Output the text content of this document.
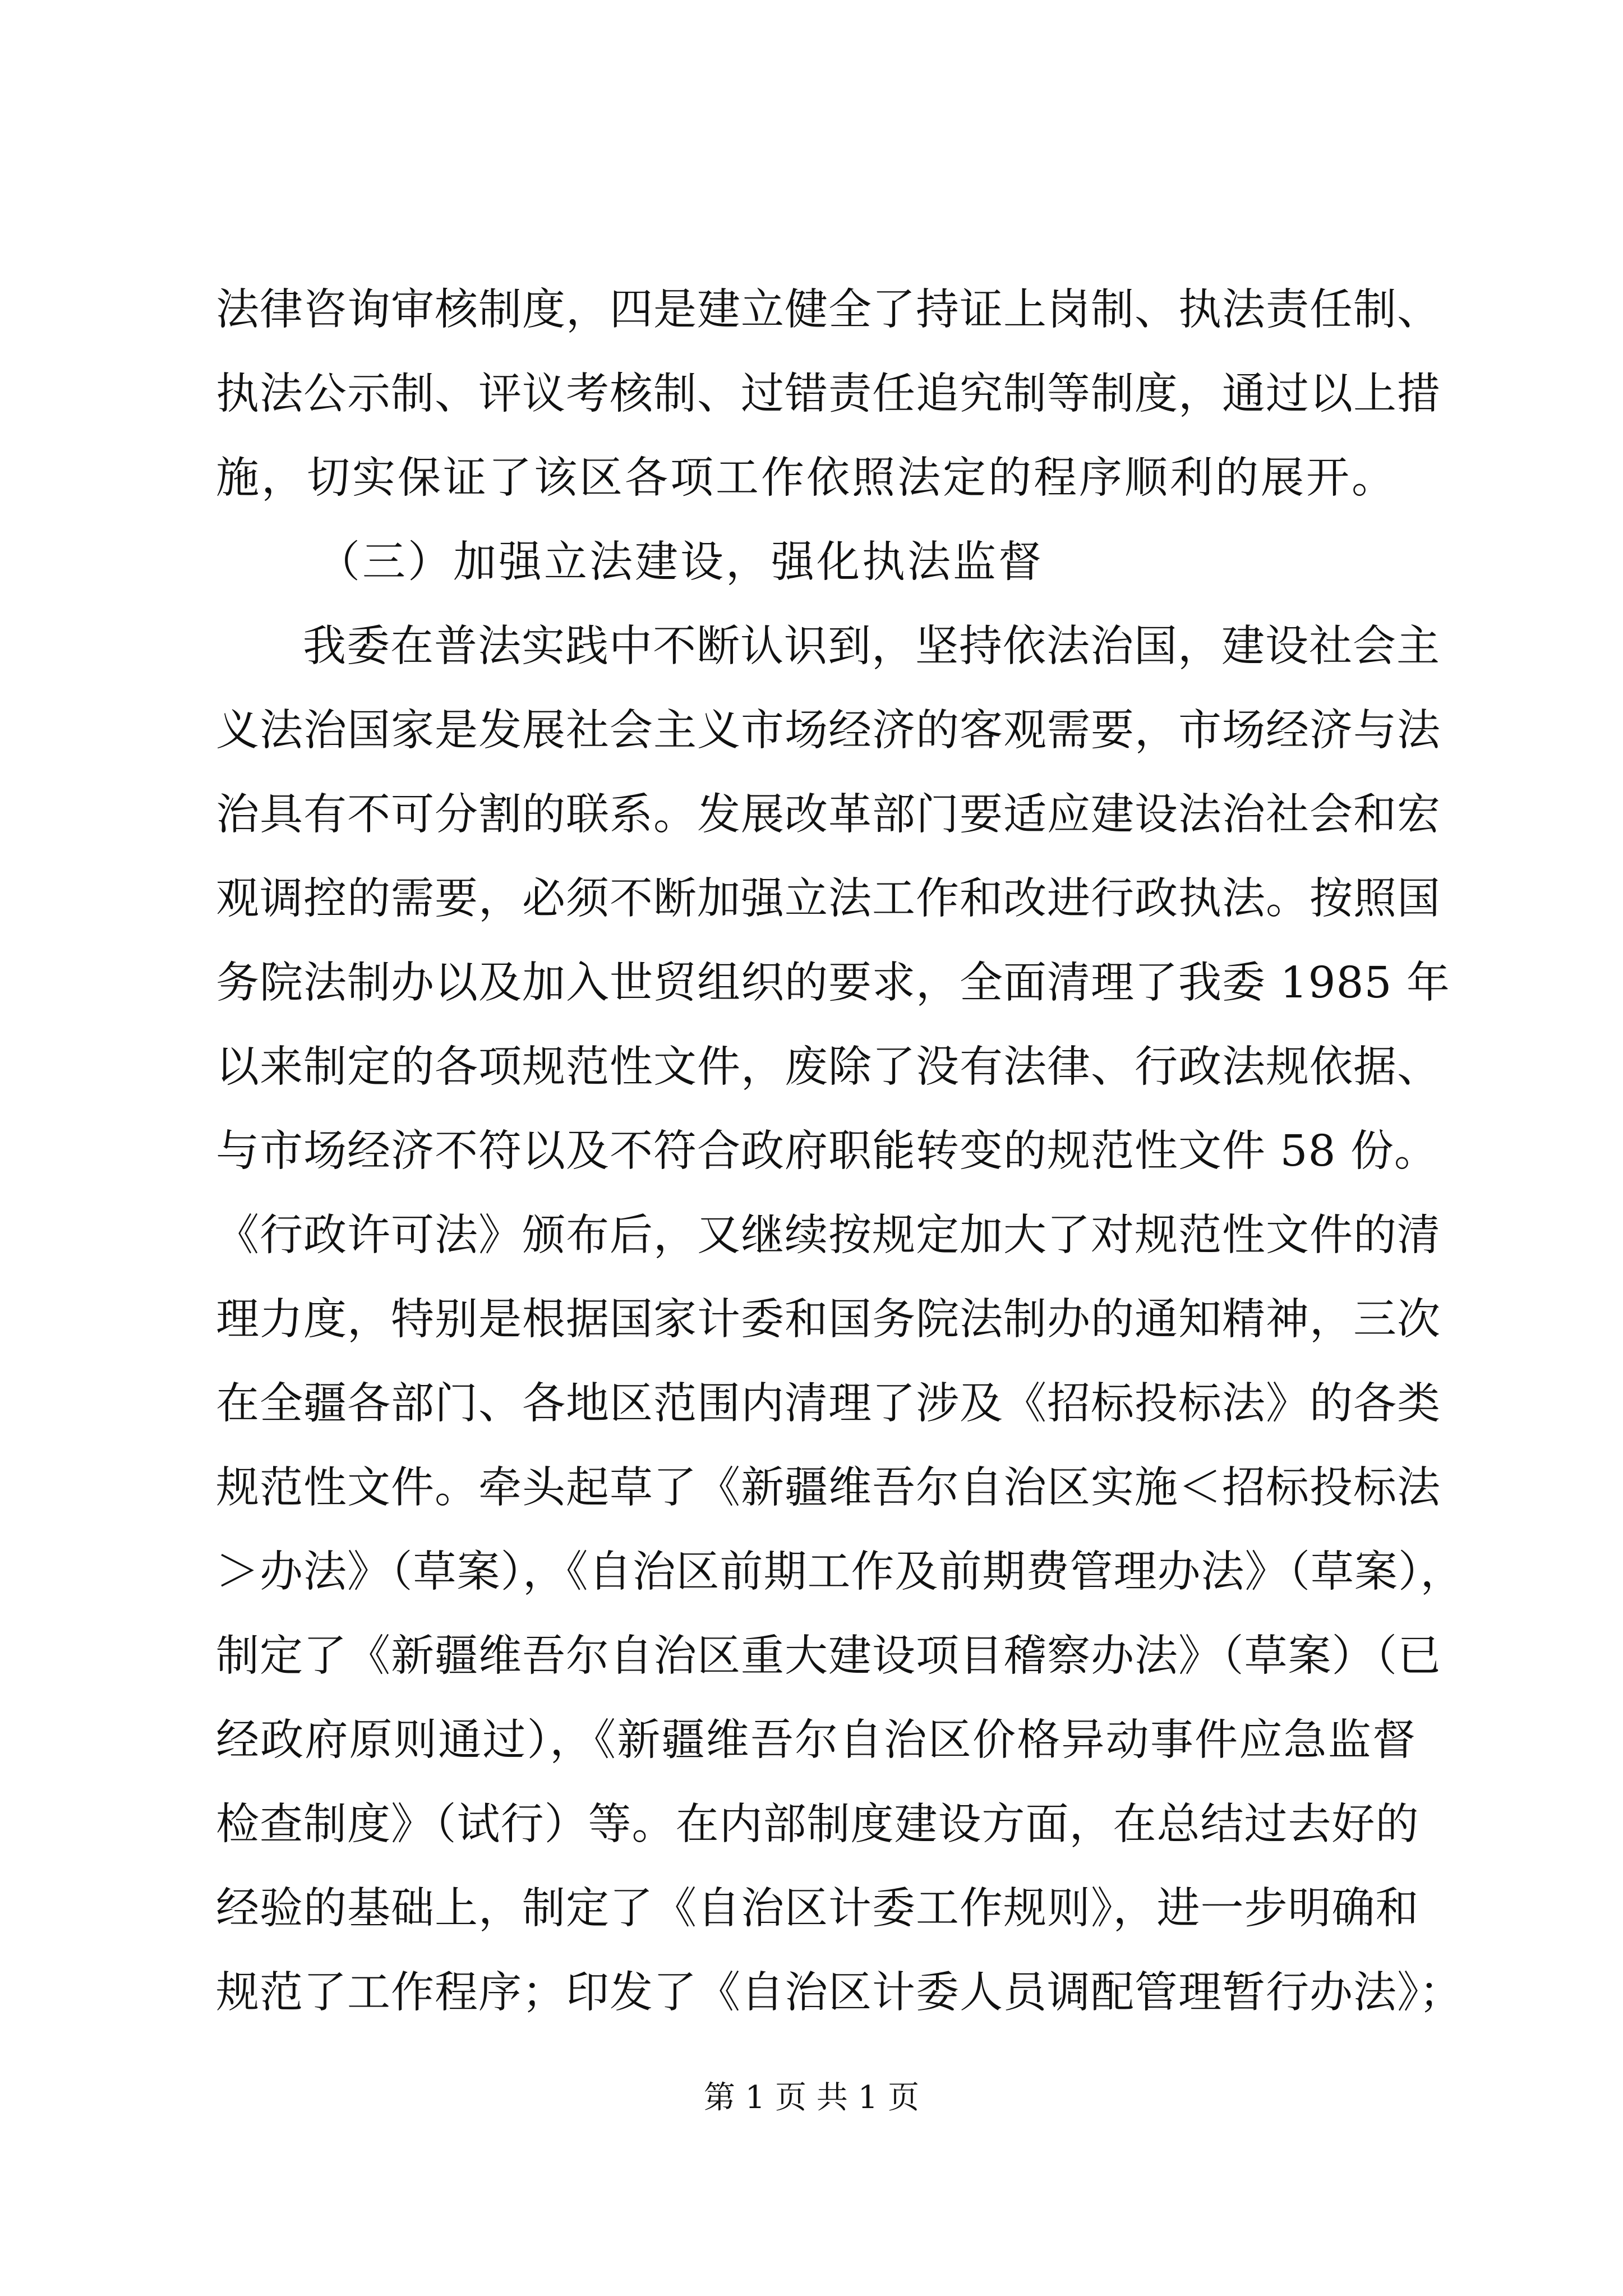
法律咨询审核制度，四是建立健全了持证上岗制、执法责任制、
执法公示制、评议考核制、过错责任追究制等制度，通过以上措
施，切实保证了该区各项工作依照法定的程序顺利的展开。
（三）加强立法建设，强化执法监督
我委在普法实践中不断认识到，坚持依法治国，建设社会主
义法治国家是发展社会主义市场经济的客观需要，市场经济与法
治具有不可分割的联系。发展改革部门要适应建设法治社会和宏
观调控的需要，必须不断加强立法工作和改进行政执法。按照国
务院法制办以及加入世贸组织的要求，全面清理了我委 1985 年
以来制定的各项规范性文件，废除了没有法律、行政法规依据、
与市场经济不符以及不符合政府职能转变的规范性文件 58 份。
《行政许可法》颁布后，又继续按规定加大了对规范性文件的清
理力度，特别是根据国家计委和国务院法制办的通知精神，三次
在全疆各部门、各地区范围内清理了涉及《招标投标法》的各类
规范性文件。牵头起草了《新疆维吾尔自治区实施＜招标投标法
＞办法》（草案），《自治区前期工作及前期费管理办法》（草案），
制定了《新疆维吾尔自治区重大建设项目稽察办法》（草案）（已
经政府原则通过），《新疆维吾尔自治区价格异动事件应急监督
检查制度》（试行）等。在内部制度建设方面，在总结过去好的
经验的基础上，制定了《自治区计委工作规则》，进一步明确和
规范了工作程序；印发了《自治区计委人员调配管理暂行办法》；
第 1 页 共 1 页
